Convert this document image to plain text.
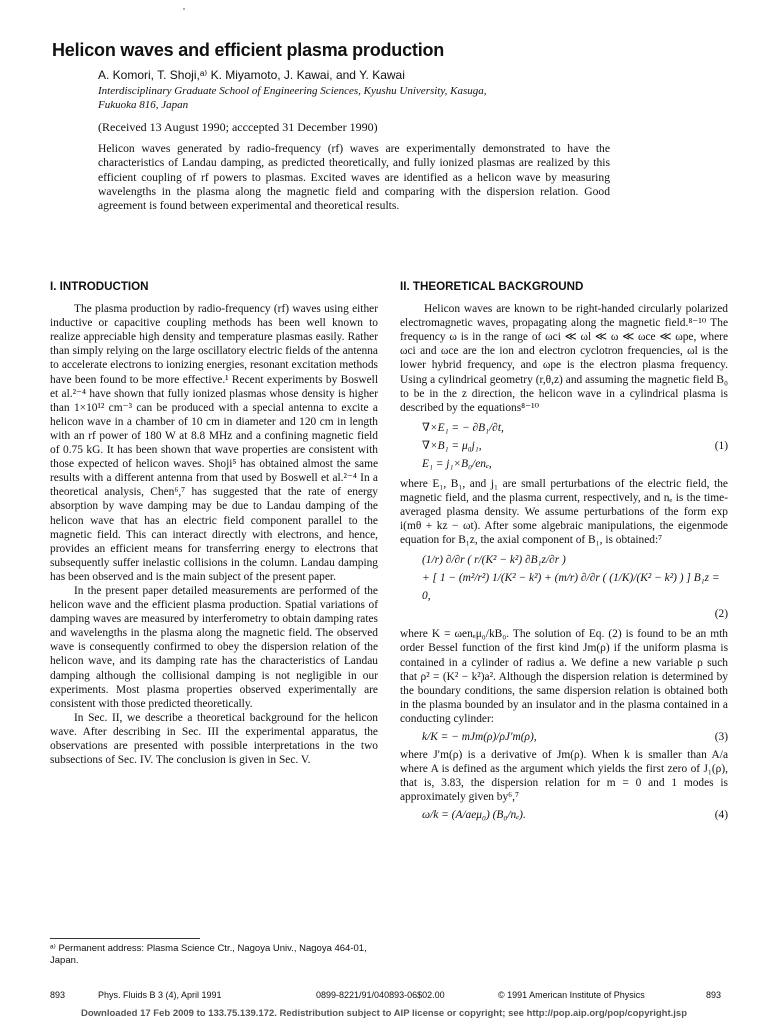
Helicon waves and efficient plasma production
A. Komori, T. Shoji,ᵃ⁾ K. Miyamoto, J. Kawai, and Y. Kawai
Interdisciplinary Graduate School of Engineering Sciences, Kyushu University, Kasuga,
Fukuoka 816, Japan
(Received 13 August 1990; acccepted 31 December 1990)
Helicon waves generated by radio-frequency (rf) waves are experimentally demonstrated to have the characteristics of Landau damping, as predicted theoretically, and fully ionized plasmas are realized by this efficient coupling of rf powers to plasmas. Excited waves are identified as a helicon wave by measuring wavelengths in the plasma along the magnetic field and comparing with the dispersion relation. Good agreement is found between experimental and theoretical results.
I. INTRODUCTION

The plasma production by radio-frequency (rf) waves using either inductive or capacitive coupling methods has been well known to realize appreciable high density and temperature plasmas easily. Rather than simply relying on the large oscillatory electric fields of the antenna to accelerate electrons to ionizing energies, resonant excitation methods have been found to be more effective.¹ Recent experiments by Boswell et al.²⁻⁴ have shown that fully ionized plasmas whose density is higher than 1×10¹² cm⁻³ can be produced with a special antenna to excite a helicon wave in a chamber of 10 cm in diameter and 120 cm in length with an rf power of 180 W at 8.8 MHz and a confining magnetic field of 0.75 kG. It has been shown that wave properties are consistent with those expected of helicon waves. Shoji⁵ has obtained almost the same results with a different antenna from that used by Boswell et al.²⁻⁴ In a theoretical analysis, Chen⁶,⁷ has suggested that the rate of energy absorption by wave damping may be due to Landau damping of the helicon wave that has an electric field component parallel to the magnetic field. This can interact directly with electrons, and hence, provides an efficient means for transferring energy to electrons that subsequently suffer inelastic collisions in the column. Landau damping has been observed and is the main subject of the present paper.

In the present paper detailed measurements are performed of the helicon wave and the efficient plasma production. Spatial variations of damping waves are measured by interferometry to obtain damping rates and wavelengths in the plasma along the magnetic field. The observed wave is consequently confirmed to obey the dispersion relation of the helicon wave, and its damping rate has the characteristics of Landau damping although the collisional damping is not negligible in our experiments. Most plasma properties observed experimentally are consistent with those predicted theoretically.

In Sec. II, we describe a theoretical background for the helicon wave. After describing in Sec. III the experimental apparatus, the observations are presented with possible interpretations in the two subsections of Sec. IV. The conclusion is given in Sec. V.

II. THEORETICAL BACKGROUND

Helicon waves are known to be right-handed circularly polarized electromagnetic waves, propagating along the magnetic field.⁸⁻¹⁰ The frequency ω is in the range of ωci ≪ ωl ≪ ω ≪ ωce ≪ ωpe, where ωci and ωce are the ion and electron cyclotron frequencies, ωl is the lower hybrid frequency, and ωpe is the electron plasma frequency. Using a cylindrical geometry (r,θ,z) and assuming the magnetic field B₀ to be in the z direction, the helicon wave in a cylindrical plasma is described by the equations⁸⁻¹⁰

∇×E₁ = − ∂B₁/∂t,
∇×B₁ = μ₀j₁,	(1)
E₁ = j₁×B₀/enₑ,

where E₁, B₁, and j₁ are small perturbations of the electric field, the magnetic field, and the plasma current, respectively, and nₑ is the time-averaged plasma density. We assume perturbations of the form exp i(mθ + kz − ωt). After some algebraic manipulations, the eigenmode equation for B₁z, the axial component of B₁, is obtained:⁷

(1/r) ∂/∂r ( r/(K² − k²) ∂B₁z/∂r )
+ [ 1 − (m²/r²) 1/(K² − k²) + (m/r) ∂/∂r ( (1/K)/(K² − k²) ) ] B₁z = 0,
(2)

where K = ωenₑμ₀/kB₀. The solution of Eq. (2) is found to be an mth order Bessel function of the first kind Jm(ρ) if the uniform plasma is contained in a cylinder of radius a. We define a new variable ρ such that ρ² = (K² − k²)a². Although the dispersion relation is determined by the boundary conditions, the same dispersion relation is obtained both in the plasma bounded by an insulator and in the plasma contained in a conducting cylinder:

k/K = − mJm(ρ)/ρJ′m(ρ),	(3)

where J′m(ρ) is a derivative of Jm(ρ). When k is smaller than A/a where A is defined as the argument which yields the first zero of J₁(ρ), that is, 3.83, the dispersion relation for m = 0 and 1 modes is approximately given by⁶,⁷

ω/k = (A/aeμ₀) (B₀/nₑ).	(4)
ᵃ⁾ Permanent address: Plasma Science Ctr., Nagoya Univ., Nagoya 464-01, Japan.
893	Phys. Fluids B 3 (4), April 1991	0899-8221/91/040893-06$02.00	© 1991 American Institute of Physics	893
Downloaded 17 Feb 2009 to 133.75.139.172. Redistribution subject to AIP license or copyright; see http://pop.aip.org/pop/copyright.jsp
